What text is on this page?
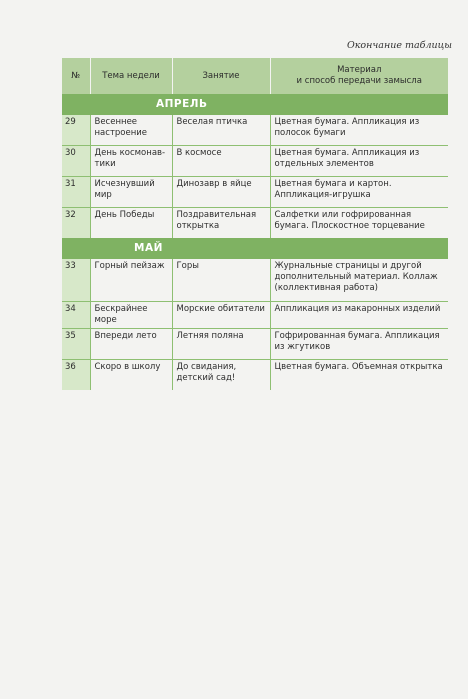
Окончание таблицы
№	Тема недели	Занятие	Материал
и способ передачи замысла
АПРЕЛЬ			
29	Весеннее настроение	Веселая птичка	Цветная бумага. Аппликация из полосок бумаги
30	День космонавтики	В космосе	Цветная бумага. Аппликация из отдельных элементов
31	Исчезнувший мир	Динозавр в яйце	Цветная бумага и картон. Аппликация-игрушка
32	День Победы	Поздравительная открытка	Салфетки или гофрированная бумага. Плоскостное торцевание
МАЙ			
33	Горный пейзаж	Горы	Журнальные страницы и другой дополнительный материал. Коллаж (коллективная работа)
34	Бескрайнее море	Морские обитатели	Аппликация из макаронных изделий
35	Впереди лето	Летняя поляна	Гофрированная бумага. Аппликация из жгутиков
36	Скоро в школу	До свидания, детский сад!	Цветная бумага. Объемная открытка
